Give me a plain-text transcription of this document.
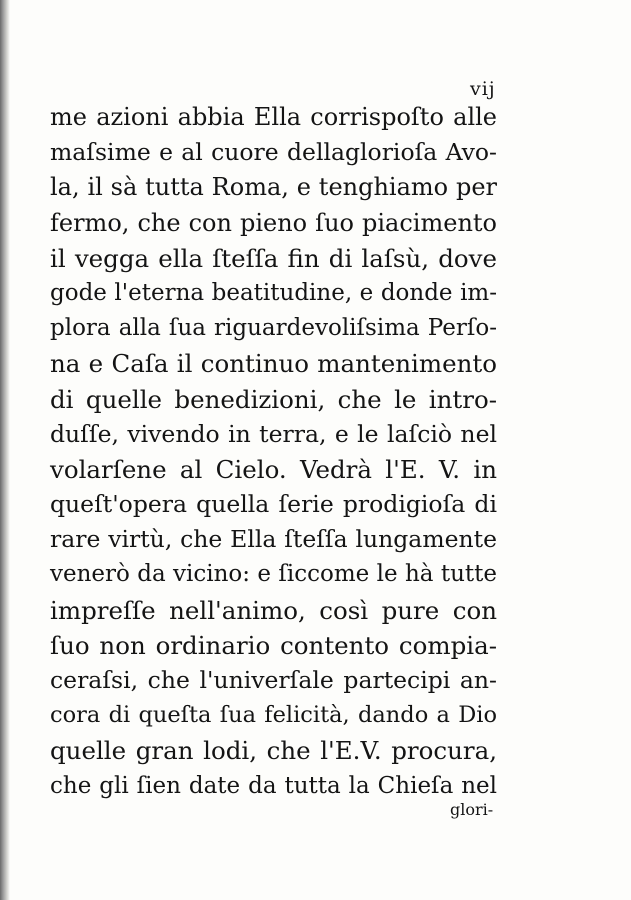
vij
me azioni abbia Ella corrispoſto alle
maſsime e al cuore dellaglorioſa Avo-
la, il sà tutta Roma, e tenghiamo per
fermo, che con pieno ſuo piacimento
il vegga ella ſteſſa fin di laſsù, dove
gode l'eterna beatitudine, e donde im-
plora alla ſua riguardevoliſsima Perſo-
na e Caſa il continuo mantenimento
di quelle benedizioni, che le intro-
duſſe, vivendo in terra, e le laſciò nel
volarſene al Cielo. Vedrà l'E. V. in
queſt'opera quella ſerie prodigioſa di
rare virtù, che Ella ſteſſa lungamente
venerò da vicino: e ſiccome le hà tutte
impreſſe nell'animo, così pure con
ſuo non ordinario contento compia-
ceraſsi, che l'univerſale partecipi an-
cora di queſta ſua felicità, dando a Dio
quelle gran lodi, che l'E.V. procura,
che gli ſien date da tutta la Chieſa nel
glori-
